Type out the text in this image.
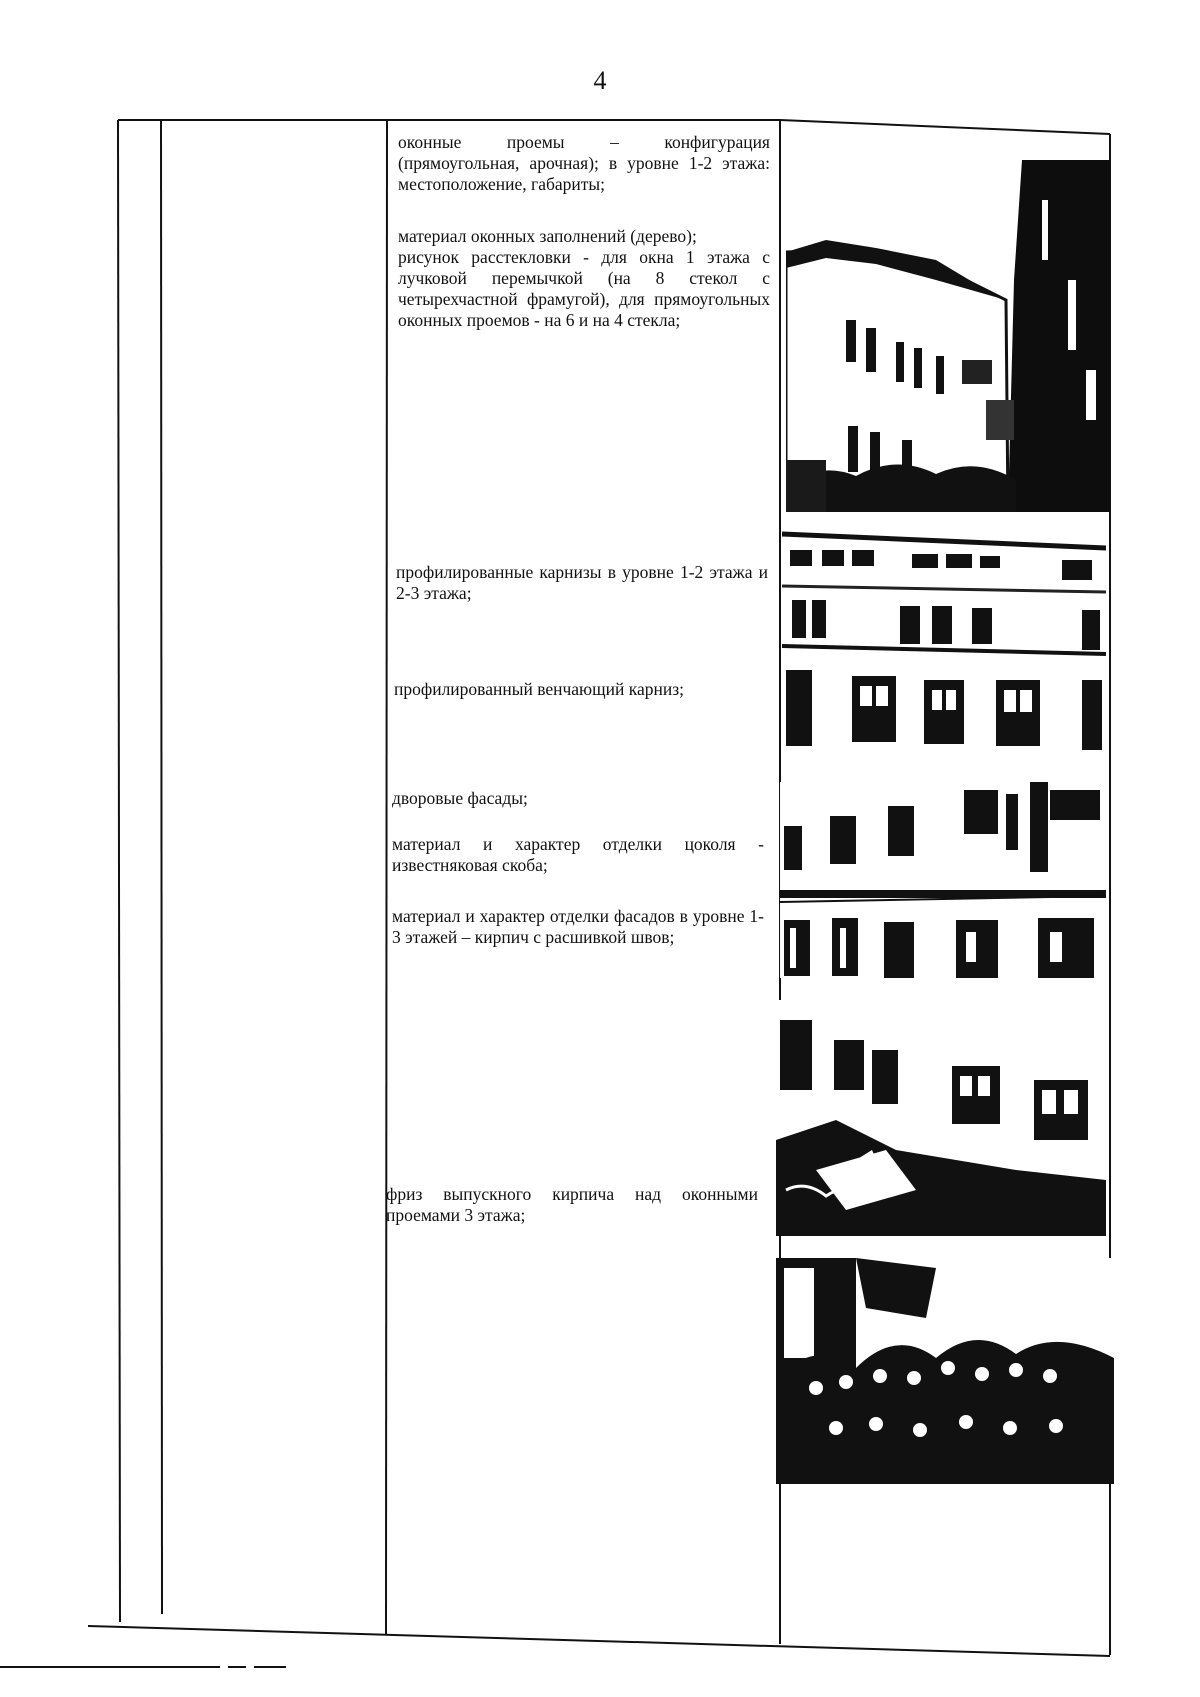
4
оконные проемы – конфигурация (прямоугольная, арочная); в уровне 1-2 этажа: местоположение, габариты;
материал оконных заполнений (дерево);
рисунок расстекловки - для окна 1 этажа с лучковой перемычкой (на 8 стекол с четырехчастной фрамугой), для прямоугольных оконных проемов - на 6 и на 4 стекла;
профилированные карнизы в уровне 1-2 этажа и 2-3 этажа;
профилированный венчающий карниз;
дворовые фасады;
материал и характер отделки цоколя - известняковая скоба;
материал и характер отделки фасадов в уровне 1-3 этажей – кирпич с расшивкой швов;
фриз выпускного кирпича над оконными проемами 3 этажа;
